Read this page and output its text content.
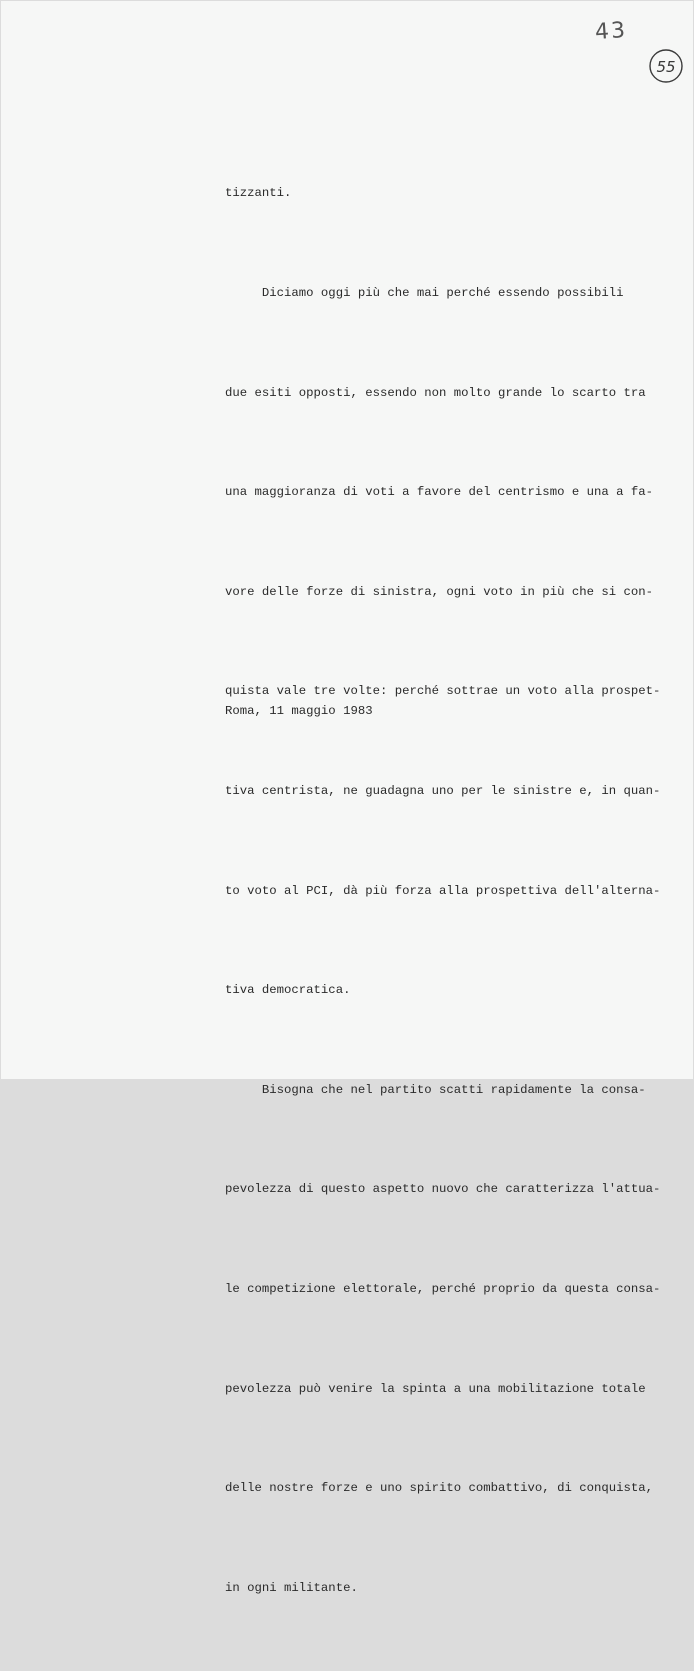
43
55

tizzanti.

Diciamo oggi più che mai perché essendo possibili

due esiti opposti, essendo non molto grande lo scarto tra

una maggioranza di voti a favore del centrismo e una a fa-

vore delle forze di sinistra, ogni voto in più che si con-

quista vale tre volte: perché sottrae un voto alla prospet-

tiva centrista, ne guadagna uno per le sinistre e, in quan-

to voto al PCI, dà più forza alla prospettiva dell'alterna-

tiva democratica.

Bisogna che nel partito scatti rapidamente la consa-

pevolezza di questo aspetto nuovo che caratterizza l'attua-

le competizione elettorale, perché proprio da questa consa-

pevolezza può venire la spinta a una mobilitazione totale

delle nostre forze e uno spirito combattivo, di conquista,

in ogni militante.

Roma, 11 maggio 1983
